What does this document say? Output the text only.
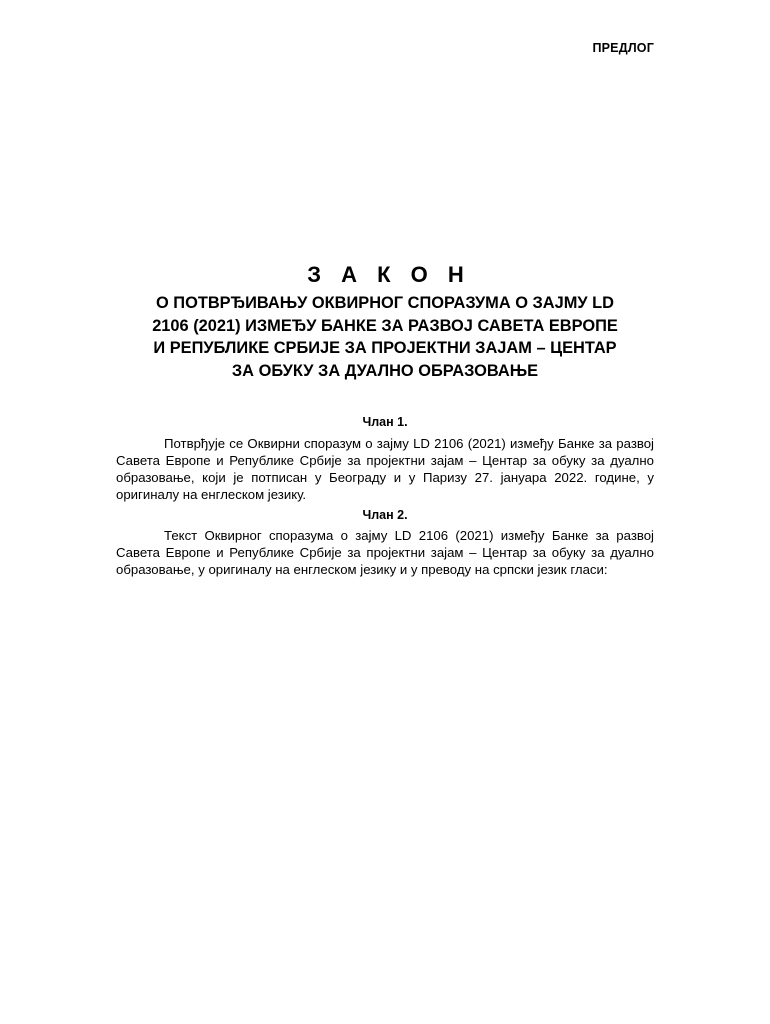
ПРЕДЛОГ
З А К О Н
О ПОТВРЂИВАЊУ ОКВИРНОГ СПОРАЗУМА О ЗАЈМУ LD 2106 (2021) ИЗМЕЂУ БАНКЕ ЗА РАЗВОЈ САВЕТА ЕВРОПЕ И РЕПУБЛИКЕ СРБИЈЕ ЗА ПРОЈЕКТНИ ЗАЈАМ – ЦЕНТАР ЗА ОБУКУ ЗА ДУАЛНО ОБРАЗОВАЊЕ
Члан 1.
Потврђује се Оквирни споразум о зајму LD 2106 (2021) између Банке за развој Савета Европе и Републике Србије за пројектни зајам – Центар за обуку за дуално образовање, који је потписан у Београду и у Паризу 27. јануара 2022. године, у оригиналу на енглеском језику.
Члан 2.
Текст Оквирног споразума о зајму LD 2106 (2021) између Банке за развој Савета Европе и Републике Србије за пројектни зајам – Центар за обуку за дуално образовање, у оригиналу на енглеском језику и у преводу на српски језик гласи:
